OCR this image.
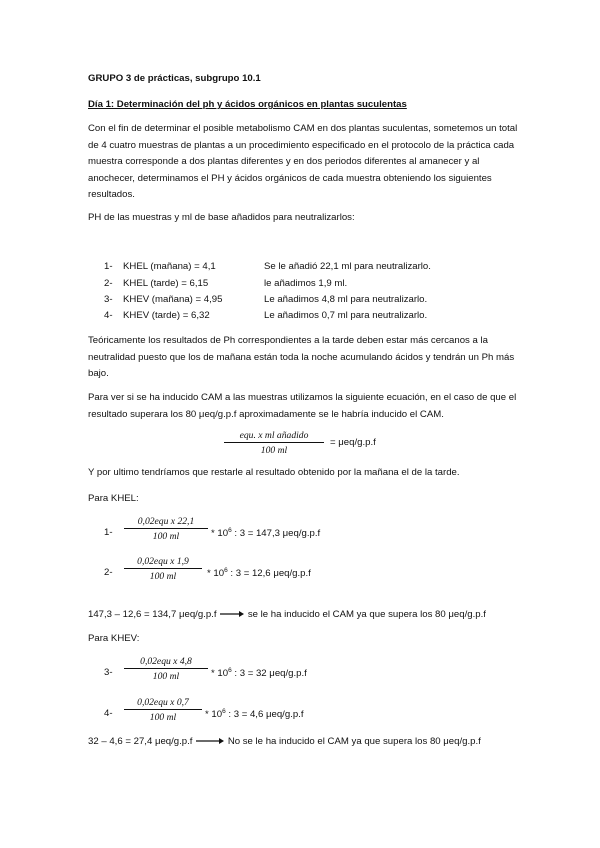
GRUPO 3 de prácticas, subgrupo 10.1
Día 1: Determinación del ph y ácidos orgánicos en plantas suculentas
Con el fin de determinar el posible metabolismo CAM en dos plantas suculentas, sometemos un total de 4 cuatro muestras de plantas a un procedimiento especificado en el protocolo de la práctica cada muestra corresponde a dos plantas diferentes y en dos periodos diferentes al amanecer y al anochecer, determinamos el PH y ácidos orgánicos de cada muestra obteniendo los siguientes resultados.
PH de las muestras y ml de base añadidos para neutralizarlos:
1- KHEL (mañana) = 4,1	Se le añadió 22,1 ml para neutralizarlo.
2- KHEL (tarde) = 6,15	le añadimos 1,9 ml.
3- KHEV (mañana) = 4,95	Le añadimos 4,8 ml para neutralizarlo.
4- KHEV (tarde) = 6,32	Le añadimos 0,7 ml para neutralizarlo.
Teóricamente los resultados de Ph correspondientes a la tarde deben estar más cercanos a la neutralidad puesto que los de mañana están toda la noche acumulando ácidos y tendrán un Ph más bajo.
Para ver si se ha inducido CAM a las muestras utilizamos la siguiente ecuación, en el caso de que el resultado superara los 80 μeq/g.p.f aproximadamente se le habría inducido el CAM.
equ. x ml añadido
100 ml
= μeq/g.p.f
Y por ultimo tendríamos que restarle al resultado obtenido por la mañana el de la tarde.
Para KHEL:
1-
0,02equ x 22,1
100 ml	* $10^6$ : 3 = 147,3 μeq/g.p.f
2-
0,02equ x 1,9
100 ml	* $10^6$ : 3 = 12,6 μeq/g.p.f
147,3 – 12,6 = 134,7 μeq/g.p.f	se le ha inducido el CAM ya que supera los 80 μeq/g.p.f
Para KHEV:
3-
0,02equ x 4,8
100 ml	* $10^6$ : 3 = 32 μeq/g.p.f
4-
0,02equ x 0,7
100 ml	* $10^6$ : 3 = 4,6 μeq/g.p.f
32 – 4,6 = 27,4 μeq/g.p.f	No se le ha inducido el CAM ya que supera los 80 μeq/g.p.f
